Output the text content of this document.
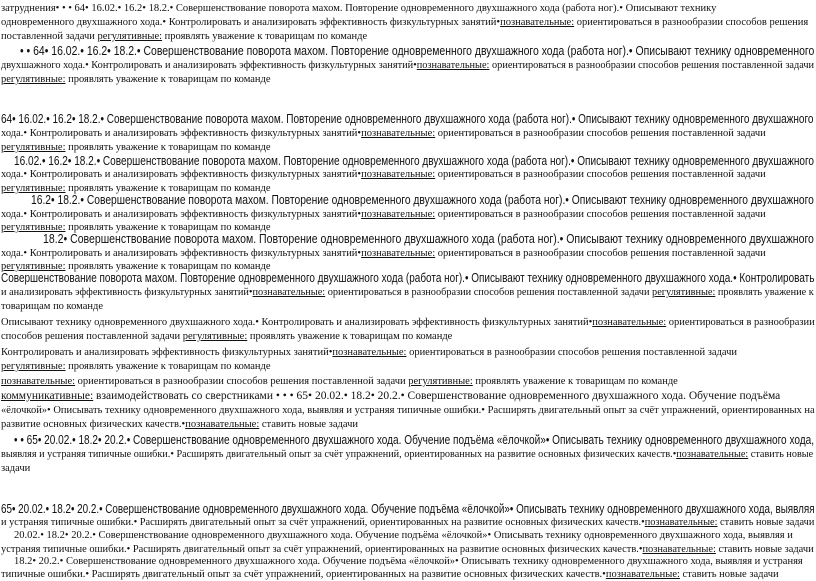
затруднения• • • 64• 16.02.• 16.2• 18.2.• Совершенствование поворота махом. Повторение одновременного двухшажного хода (работа ног).• Описывают технику
одновременного двухшажного хода.• Контролировать и анализировать эффективность физкультурных занятий•познавательные: ориентироваться в разнообразии способов решения
поставленной задачи регулятивные: проявлять уважение к товарищам по команде
• • 64• 16.02.• 16.2• 18.2.• Совершенствование поворота махом. Повторение одновременного двухшажного хода (работа ног).• Описывают технику одновременного
двухшажного хода.• Контролировать и анализировать эффективность физкультурных занятий•познавательные: ориентироваться в разнообразии способов решения поставленной задачи
регулятивные: проявлять уважение к товарищам по команде
64• 16.02.• 16.2• 18.2.• Совершенствование поворота махом. Повторение одновременного двухшажного хода (работа ног).• Описывают технику одновременного двухшажного
хода.• Контролировать и анализировать эффективность физкультурных занятий•познавательные: ориентироваться в разнообразии способов решения поставленной задачи
регулятивные: проявлять уважение к товарищам по команде
16.02.• 16.2• 18.2.• Совершенствование поворота махом. Повторение одновременного двухшажного хода (работа ног).• Описывают технику одновременного двухшажного
хода.• Контролировать и анализировать эффективность физкультурных занятий•познавательные: ориентироваться в разнообразии способов решения поставленной задачи
регулятивные: проявлять уважение к товарищам по команде
16.2• 18.2.• Совершенствование поворота махом. Повторение одновременного двухшажного хода (работа ног).• Описывают технику одновременного двухшажного
хода.• Контролировать и анализировать эффективность физкультурных занятий•познавательные: ориентироваться в разнообразии способов решения поставленной задачи
регулятивные: проявлять уважение к товарищам по команде
18.2• Совершенствование поворота махом. Повторение одновременного двухшажного хода (работа ног).• Описывают технику одновременного двухшажного
хода.• Контролировать и анализировать эффективность физкультурных занятий•познавательные: ориентироваться в разнообразии способов решения поставленной задачи
регулятивные: проявлять уважение к товарищам по команде
Совершенствование поворота махом. Повторение одновременного двухшажного хода (работа ног).• Описывают технику одновременного двухшажного хода.• Контролировать
и анализировать эффективность физкультурных занятий•познавательные: ориентироваться в разнообразии способов решения поставленной задачи регулятивные: проявлять уважение к
товарищам по команде
Описывают технику одновременного двухшажного хода.• Контролировать и анализировать эффективность физкультурных занятий•познавательные: ориентироваться в разнообразии
способов решения поставленной задачи регулятивные: проявлять уважение к товарищам по команде
Контролировать и анализировать эффективность физкультурных занятий•познавательные: ориентироваться в разнообразии способов решения поставленной задачи
регулятивные: проявлять уважение к товарищам по команде
познавательные: ориентироваться в разнообразии способов решения поставленной задачи регулятивные: проявлять уважение к товарищам по команде
коммуникативные: взаимодействовать со сверстниками • • • 65• 20.02.• 18.2• 20.2.• Совершенствование одновременного двухшажного хода. Обучение подъёма
«ёлочкой»• Описывать технику одновременного двухшажного хода, выявляя и устраняя типичные ошибки.• Расширять двигательный опыт за счёт упражнений, ориентированных на
развитие основных физических качеств.•познавательные: ставить новые задачи
• • 65• 20.02.• 18.2• 20.2.• Совершенствование одновременного двухшажного хода. Обучение подъёма «ёлочкой»• Описывать технику одновременного двухшажного хода,
выявляя и устраняя типичные ошибки.• Расширять двигательный опыт за счёт упражнений, ориентированных на развитие основных физических качеств.•познавательные: ставить новые
задачи
65• 20.02.• 18.2• 20.2.• Совершенствование одновременного двухшажного хода. Обучение подъёма «ёлочкой»• Описывать технику одновременного двухшажного хода, выявляя
и устраняя типичные ошибки.• Расширять двигательный опыт за счёт упражнений, ориентированных на развитие основных физических качеств.•познавательные: ставить новые задачи
20.02.• 18.2• 20.2.• Совершенствование одновременного двухшажного хода. Обучение подъёма «ёлочкой»• Описывать технику одновременного двухшажного хода, выявляя и
устраняя типичные ошибки.• Расширять двигательный опыт за счёт упражнений, ориентированных на развитие основных физических качеств.•познавательные: ставить новые задачи
18.2• 20.2.• Совершенствование одновременного двухшажного хода. Обучение подъёма «ёлочкой»• Описывать технику одновременного двухшажного хода, выявляя и устраняя
типичные ошибки.• Расширять двигательный опыт за счёт упражнений, ориентированных на развитие основных физических качеств.•познавательные: ставить новые задачи
